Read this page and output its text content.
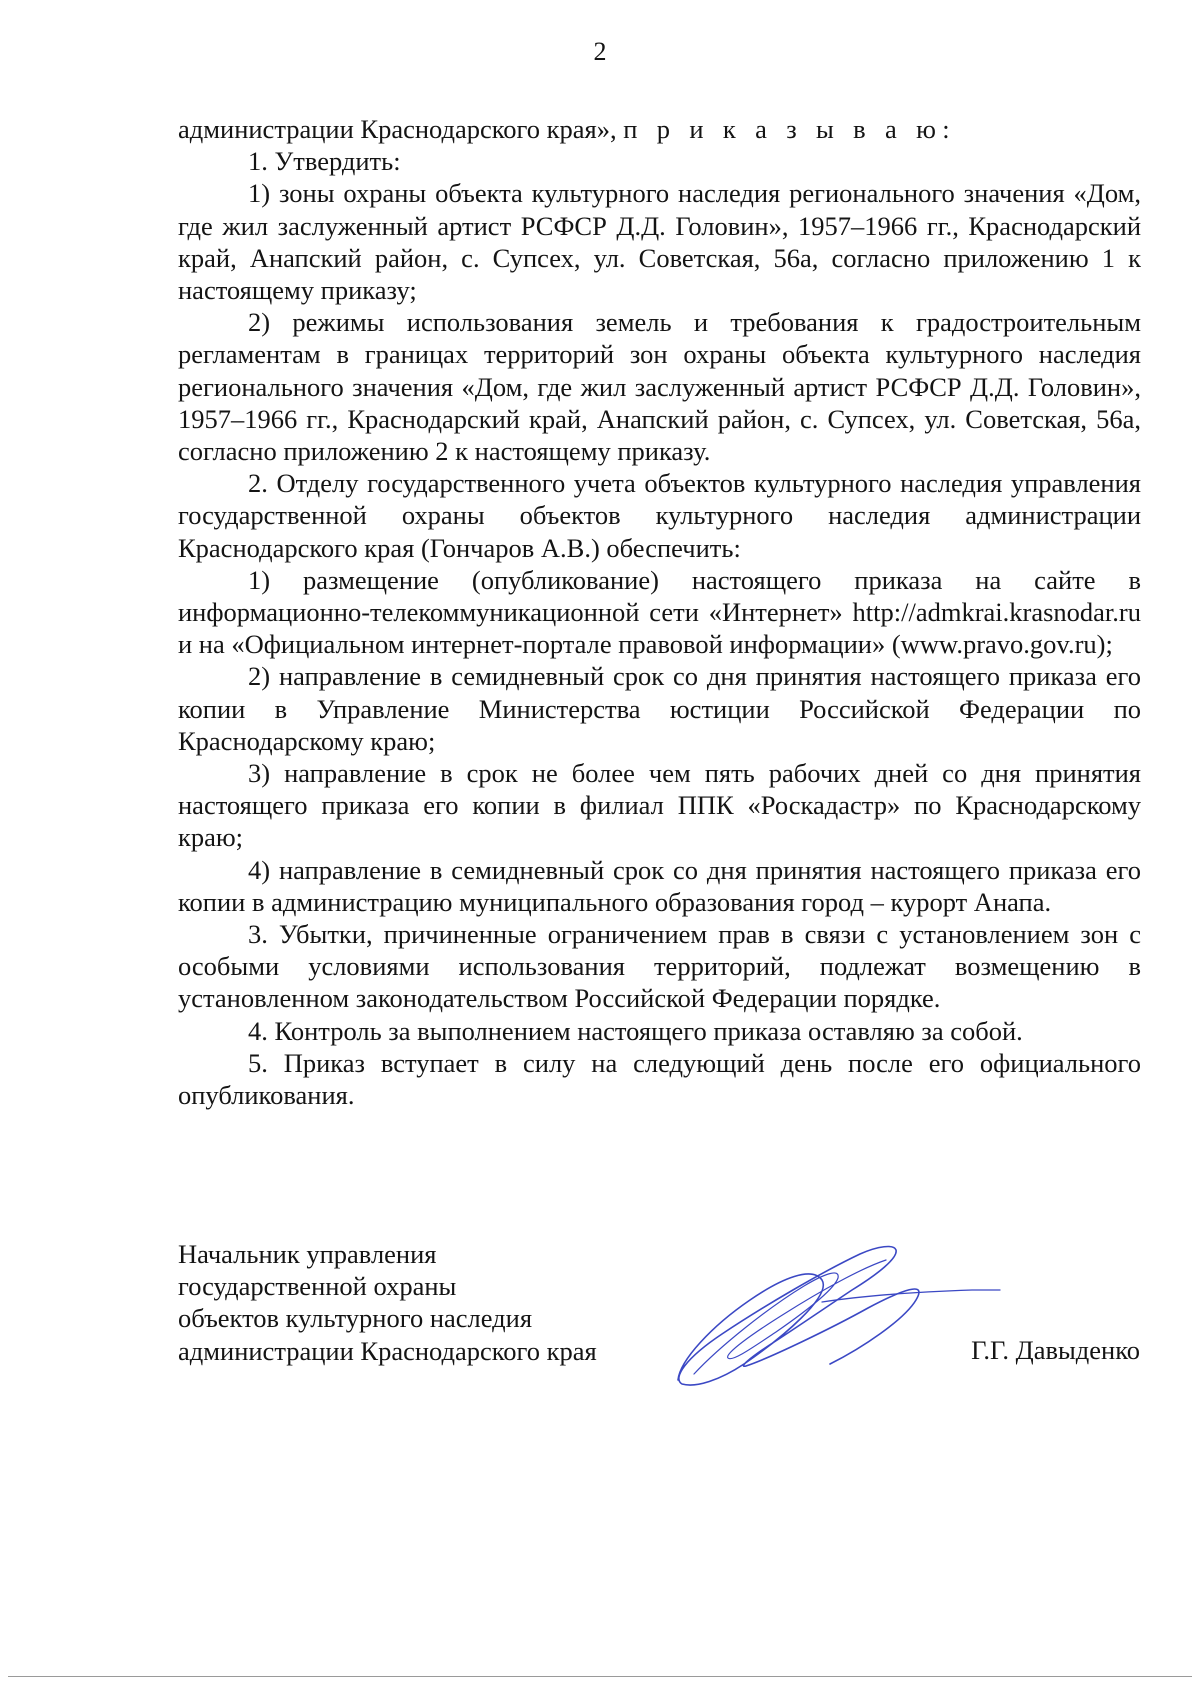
2

администрации Краснодарского края», п р и к а з ы в а ю:

1. Утвердить:

1) зоны охраны объекта культурного наследия регионального значения «Дом, где жил заслуженный артист РСФСР Д.Д. Головин», 1957–1966 гг., Краснодарский край, Анапский район, с. Супсех, ул. Советская, 56а, согласно приложению 1 к настоящему приказу;

2) режимы использования земель и требования к градостроительным регламентам в границах территорий зон охраны объекта культурного наследия регионального значения «Дом, где жил заслуженный артист РСФСР Д.Д. Головин», 1957–1966 гг., Краснодарский край, Анапский район, с. Супсех, ул. Советская, 56а, согласно приложению 2 к настоящему приказу.

2. Отделу государственного учета объектов культурного наследия управления государственной охраны объектов культурного наследия администрации Краснодарского края (Гончаров А.В.) обеспечить:

1) размещение (опубликование) настоящего приказа на сайте в информационно-телекоммуникационной сети «Интернет» http://admkrai.krasnodar.ru и на «Официальном интернет-портале правовой информации» (www.pravo.gov.ru);

2) направление в семидневный срок со дня принятия настоящего приказа его копии в Управление Министерства юстиции Российской Федерации по Краснодарскому краю;

3) направление в срок не более чем пять рабочих дней со дня принятия настоящего приказа его копии в филиал ППК «Роскадастр» по Краснодарскому краю;

4) направление в семидневный срок со дня принятия настоящего приказа его копии в администрацию муниципального образования город – курорт Анапа.

3. Убытки, причиненные ограничением прав в связи с установлением зон с особыми условиями использования территорий, подлежат возмещению в установленном законодательством Российской Федерации порядке.

4. Контроль за выполнением настоящего приказа оставляю за собой.

5. Приказ вступает в силу на следующий день после его официального опубликования.

Начальник управления
государственной охраны
объектов культурного наследия
администрации Краснодарского края	Г.Г. Давыденко
